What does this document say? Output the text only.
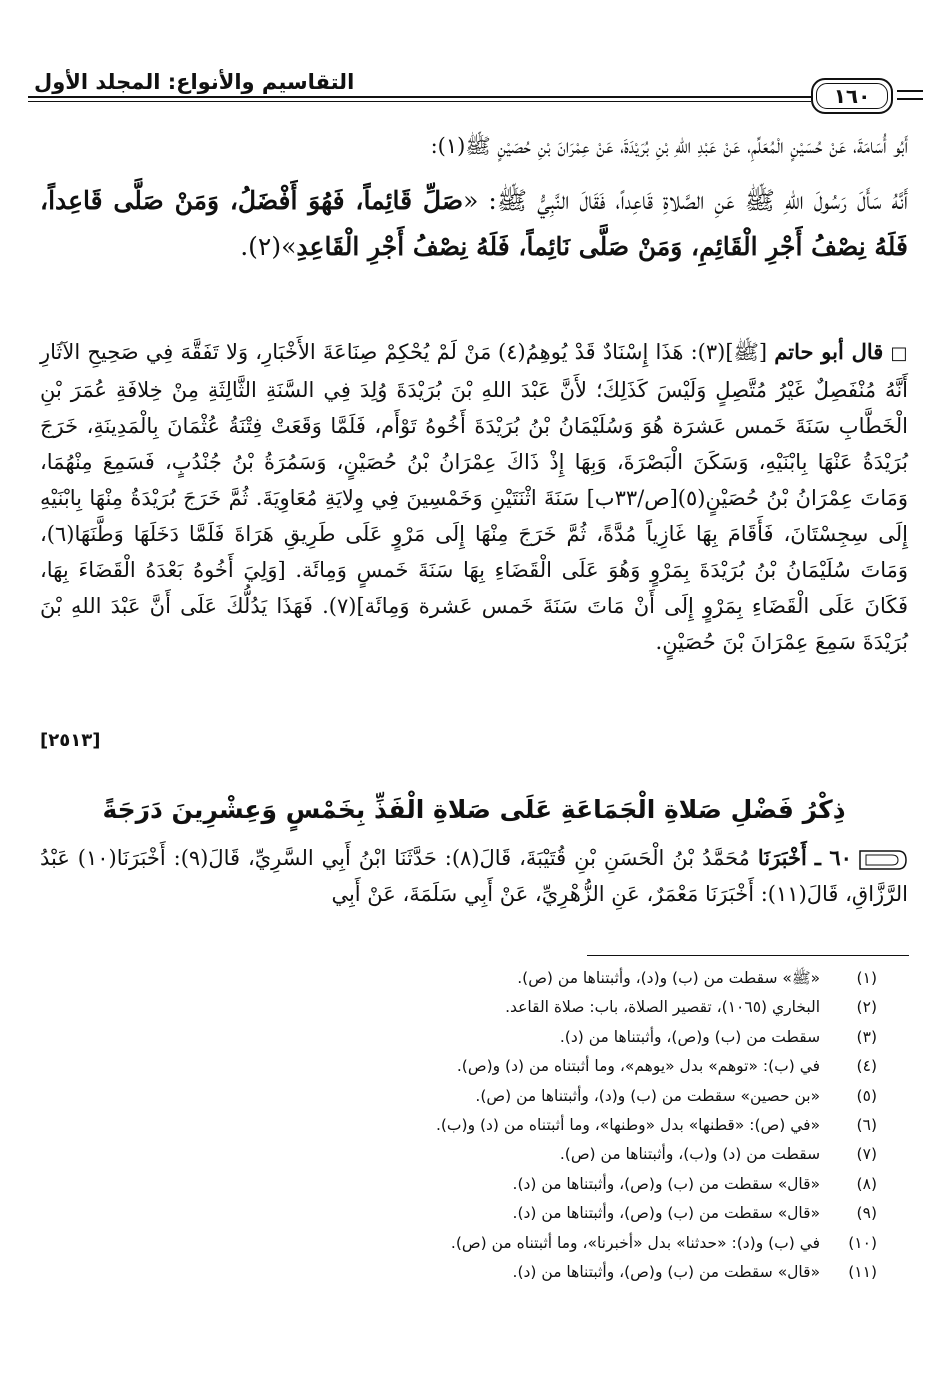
التقاسيم والأنواع: المجلد الأول
١٦٠
أَبُو أُسَامَةَ، عَنْ حُسَيْنٍ الْمُعَلِّمِ، عَنْ عَبْدِ اللهِ بْنِ بُرَيْدَةَ، عَنْ عِمْرَانَ بْنِ حُصَيْنٍ ﷺ(١):
أَنَّهُ سَأَلَ رَسُولَ اللهِ ﷺ عَنِ الصَّلاةِ قَاعِداً، فَقَالَ النَّبِيُّ ﷺ: «صَلِّ قَائِماً، فَهُوَ أَفْضَلُ، وَمَنْ صَلَّى قَاعِداً، فَلَهُ نِصْفُ أَجْرِ الْقَائِمِ، وَمَنْ صَلَّى نَائِماً، فَلَهُ نِصْفُ أَجْرِ الْقَاعِدِ»(٢).
□ قال أبو حاتم [ﷺ](٣): هَذَا إِسْنَادٌ قَدْ يُوهِمُ(٤) مَنْ لَمْ يُحْكِمْ صِنَاعَةَ الأَخْبَارِ، وَلا تَفَقَّهَ فِي صَحِيحِ الآثَارِ أَنَّهُ مُنْفَصِلٌ غَيْرُ مُتَّصِلٍ وَلَيْسَ كَذَلِكَ؛ لأَنَّ عَبْدَ اللهِ بْنَ بُرَيْدَةَ وُلِدَ فِي السَّنَةِ الثَّالِثَةِ مِنْ خِلافَةِ عُمَرَ بْنِ الْخَطَّابِ سَنَةَ خَمس عَشرَة هُوَ وَسُلَيْمَانُ بْنُ بُرَيْدَةَ أَخُوهُ تَوْأَم، فَلَمَّا وَقَعَتْ فِتْنَةُ عُثْمَانَ بِالْمَدِينَةِ، خَرَجَ بُرَيْدَةُ عَنْهَا بِابْنَيْهِ، وَسَكَنَ الْبَصْرَةَ، وَبِهَا إِذْ ذَاكَ عِمْرَانُ بْنُ حُصَيْنٍ، وَسَمُرَةُ بْنُ جُنْدُبٍ، فَسَمِعَ مِنْهُمَا، وَمَاتَ عِمْرَانُ بْنُ حُصَيْنٍ(٥)[ص/٣٣ب] سَنَةَ اثْنَتَيْنِ وَخَمْسِينَ فِي وِلايَةِ مُعَاوِيَةَ. ثُمَّ خَرَجَ بُرَيْدَةُ مِنْهَا بِابْنَيْهِ إِلَى سِجِسْتَانَ، فَأَقَامَ بِهَا غَازِياً مُدَّةً، ثُمَّ خَرَجَ مِنْهَا إِلَى مَرْوٍ عَلَى طَرِيقِ هَرَاةَ فَلَمَّا دَخَلَهَا وَطَّنَهَا(٦)، وَمَاتَ سُلَيْمَانُ بْنُ بُرَيْدَةَ بِمَرْوٍ وَهُوَ عَلَى الْقَضَاءِ بِهَا سَنَةَ خَمسٍ وَمِائَة. [وَلِيَ أَخُوهُ بَعْدَهُ الْقَضَاءَ بِهَا، فَكَانَ عَلَى الْقَضَاءِ بِمَرْوٍ إِلَى أَنْ مَاتَ سَنَةَ خَمس عَشرة وَمِائَة](٧). فَهَذَا يَدُلُّكَ عَلَى أَنَّ عَبْدَ اللهِ بْنَ بُرَيْدَةَ سَمِعَ عِمْرَانَ بْنَ حُصَيْنٍ.
[٢٥١٣]
ذِكْرُ فَضْلِ صَلاةِ الْجَمَاعَةِ عَلَى صَلاةِ الْفَذِّ بِخَمْسٍ وَعِشْرِينَ دَرَجَةً
٦٠ ـ أَخْبَرَنَا مُحَمَّدُ بْنُ الْحَسَنِ بْنِ قُتَيْبَةَ، قَالَ(٨): حَدَّثَنَا ابْنُ أَبِي السَّرِيِّ، قَالَ(٩): أَخْبَرَنَا(١٠) عَبْدُ الرَّزَّاقِ، قَالَ(١١): أَخْبَرَنَا مَعْمَرٌ، عَنِ الزُّهْرِيِّ، عَنْ أَبِي سَلَمَةَ، عَنْ أَبِي
(١) «ﷺ» سقطت من (ب) و(د)، وأثبتناها من (ص).
(٢) البخاري (١٠٦٥)، تقصير الصلاة، باب: صلاة القاعد.
(٣) سقطت من (ب) و(ص)، وأثبتناها من (د).
(٤) في (ب): «توهم» بدل «يوهم»، وما أثبتناه من (د) و(ص).
(٥) «بن حصين» سقطت من (ب) و(د)، وأثبتناها من (ص).
(٦) «في (ص): «قطنها» بدل «وطنها»، وما أثبتناه من (د) و(ب).
(٧) سقطت من (د) و(ب)، وأثبتناها من (ص).
(٨) «قال» سقطت من (ب) و(ص)، وأثبتناها من (د).
(٩) «قال» سقطت من (ب) و(ص)، وأثبتناها من (د).
(١٠) في (ب) و(د): «حدثنا» بدل «أخبرنا»، وما أثبتناه من (ص).
(١١) «قال» سقطت من (ب) و(ص)، وأثبتناها من (د).
